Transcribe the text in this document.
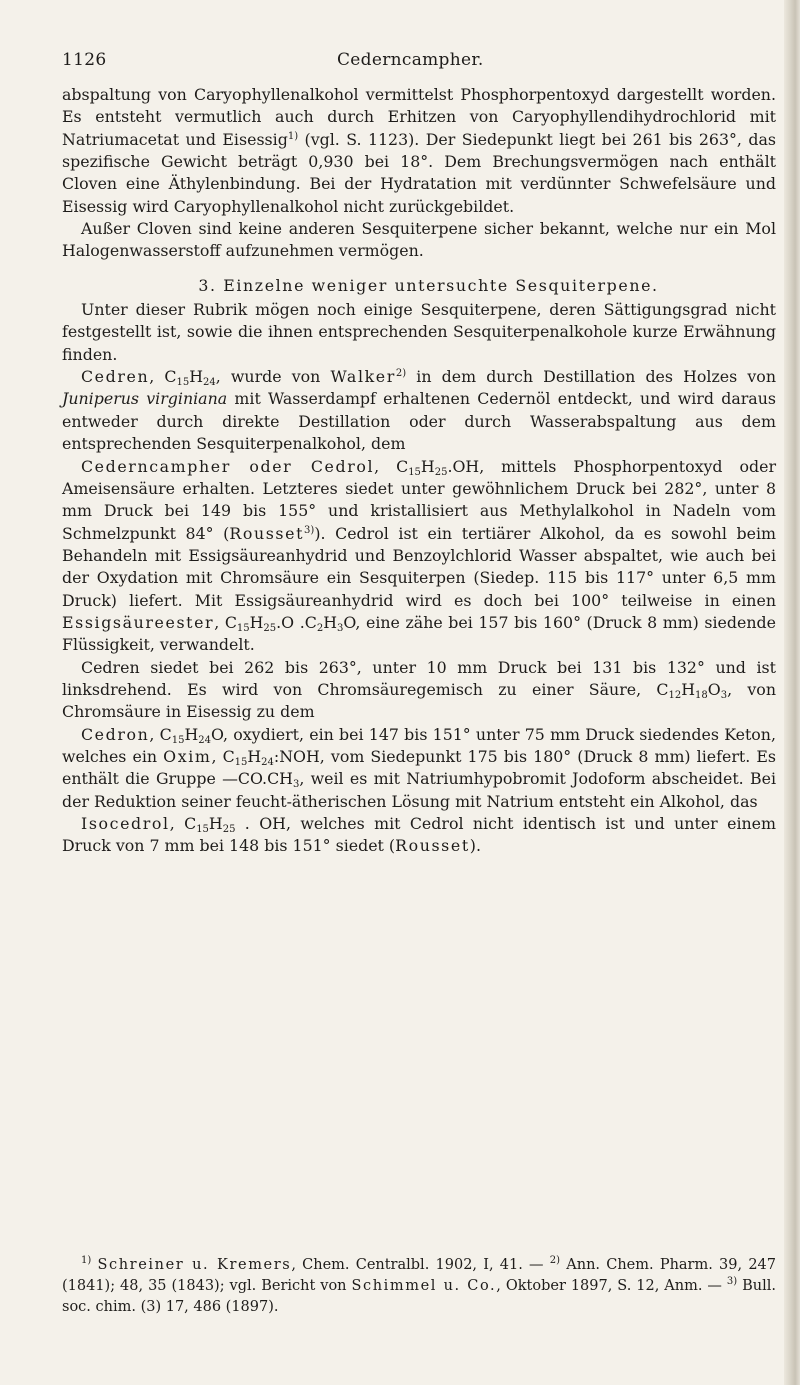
1126	Cederncampher.

abspaltung von Caryophyllenalkohol vermittelst Phosphorpentoxyd dargestellt worden. Es entsteht vermutlich auch durch Erhitzen von Caryophyllendihydrochlorid mit Natriumacetat und Eisessig$^{1)}$ (vgl. S. 1123). Der Siedepunkt liegt bei 261 bis 263°, das spezifische Gewicht beträgt 0,930 bei 18°. Dem Brechungsvermögen nach enthält Cloven eine Äthylenbindung. Bei der Hydratation mit verdünnter Schwefelsäure und Eisessig wird Caryophyllenalkohol nicht zurückgebildet.

Außer Cloven sind keine anderen Sesquiterpene sicher bekannt, welche nur ein Mol Halogenwasserstoff aufzunehmen vermögen.

3. Einzelne weniger untersuchte Sesquiterpene.

Unter dieser Rubrik mögen noch einige Sesquiterpene, deren Sättigungsgrad nicht festgestellt ist, sowie die ihnen entsprechenden Sesquiterpenalkohole kurze Erwähnung finden.

Cedren, $C_{15}H_{24}$, wurde von Walker$^{2)}$ in dem durch Destillation des Holzes von Juniperus virginiana mit Wasserdampf erhaltenen Cedernöl entdeckt, und wird daraus entweder durch direkte Destillation oder durch Wasserabspaltung aus dem entsprechenden Sesquiterpenalkohol, dem

Cederncampher oder Cedrol, $C_{15}H_{25}.OH$, mittels Phosphorpentoxyd oder Ameisensäure erhalten. Letzteres siedet unter gewöhnlichem Druck bei 282°, unter 8 mm Druck bei 149 bis 155° und kristallisiert aus Methylalkohol in Nadeln vom Schmelzpunkt 84° (Rousset$^{3)}$). Cedrol ist ein tertiärer Alkohol, da es sowohl beim Behandeln mit Essigsäureanhydrid und Benzoylchlorid Wasser abspaltet, wie auch bei der Oxydation mit Chromsäure ein Sesquiterpen (Siedep. 115 bis 117° unter 6,5 mm Druck) liefert. Mit Essigsäureanhydrid wird es doch bei 100° teilweise in einen Essigsäureester, $C_{15}H_{25}.O$ $.C_2H_3O$, eine zähe bei 157 bis 160° (Druck 8 mm) siedende Flüssigkeit, verwandelt.

Cedren siedet bei 262 bis 263°, unter 10 mm Druck bei 131 bis 132° und ist linksdrehend. Es wird von Chromsäuregemisch zu einer Säure, $C_{12}H_{18}O_3$, von Chromsäure in Eisessig zu dem

Cedron, $C_{15}H_{24}O$, oxydiert, ein bei 147 bis 151° unter 75 mm Druck siedendes Keton, welches ein Oxim, $C_{15}H_{24}:NOH$, vom Siedepunkt 175 bis 180° (Druck 8 mm) liefert. Es enthält die Gruppe $—CO.CH_3$, weil es mit Natriumhypobromit Jodoform abscheidet. Bei der Reduktion seiner feucht-ätherischen Lösung mit Natrium entsteht ein Alkohol, das

Isocedrol, $C_{15}H_{25}$ . OH, welches mit Cedrol nicht identisch ist und unter einem Druck von 7 mm bei 148 bis 151° siedet (Rousset).

$^{1)}$ Schreiner u. Kremers, Chem. Centralbl. 1902, I, 41. — $^{2)}$ Ann. Chem. Pharm. 39, 247 (1841); 48, 35 (1843); vgl. Bericht von Schimmel u. Co., Oktober 1897, S. 12, Anm. — $^{3)}$ Bull. soc. chim. (3) 17, 486 (1897).
